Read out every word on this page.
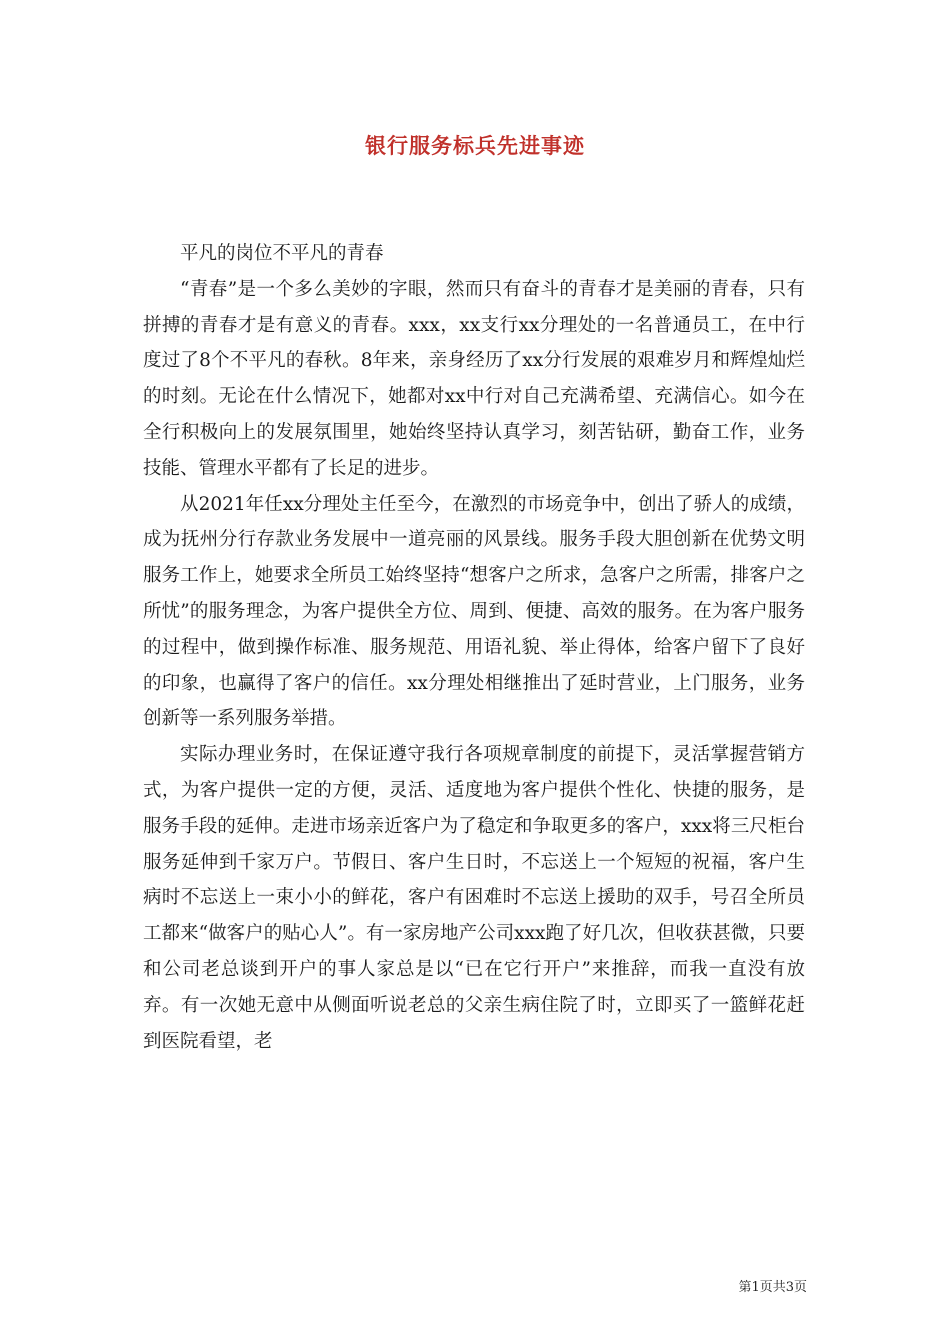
银行服务标兵先进事迹

平凡的岗位不平凡的青春

“青春”是一个多么美妙的字眼，然而只有奋斗的青春才是美丽的青春，只有拼搏的青春才是有意义的青春。xxx，xx支行xx分理处的一名普通员工，在中行度过了8个不平凡的春秋。8年来，亲身经历了xx分行发展的艰难岁月和辉煌灿烂的时刻。无论在什么情况下，她都对xx中行对自己充满希望、充满信心。如今在全行积极向上的发展氛围里，她始终坚持认真学习，刻苦钻研，勤奋工作，业务技能、管理水平都有了长足的进步。

从2021年任xx分理处主任至今，在激烈的市场竞争中，创出了骄人的成绩，成为抚州分行存款业务发展中一道亮丽的风景线。服务手段大胆创新在优势文明服务工作上，她要求全所员工始终坚持“想客户之所求，急客户之所需，排客户之所忧”的服务理念，为客户提供全方位、周到、便捷、高效的服务。在为客户服务的过程中，做到操作标准、服务规范、用语礼貌、举止得体，给客户留下了良好的印象，也赢得了客户的信任。xx分理处相继推出了延时营业，上门服务，业务创新等一系列服务举措。

实际办理业务时，在保证遵守我行各项规章制度的前提下，灵活掌握营销方式，为客户提供一定的方便，灵活、适度地为客户提供个性化、快捷的服务，是服务手段的延伸。走进市场亲近客户为了稳定和争取更多的客户，xxx将三尺柜台服务延伸到千家万户。节假日、客户生日时，不忘送上一个短短的祝福，客户生病时不忘送上一束小小的鲜花，客户有困难时不忘送上援助的双手，号召全所员工都来“做客户的贴心人”。有一家房地产公司xxx跑了好几次，但收获甚微，只要和公司老总谈到开户的事人家总是以“已在它行开户”来推辞，而我一直没有放弃。有一次她无意中从侧面听说老总的父亲生病住院了时，立即买了一篮鲜花赶到医院看望，老

第1页共3页
